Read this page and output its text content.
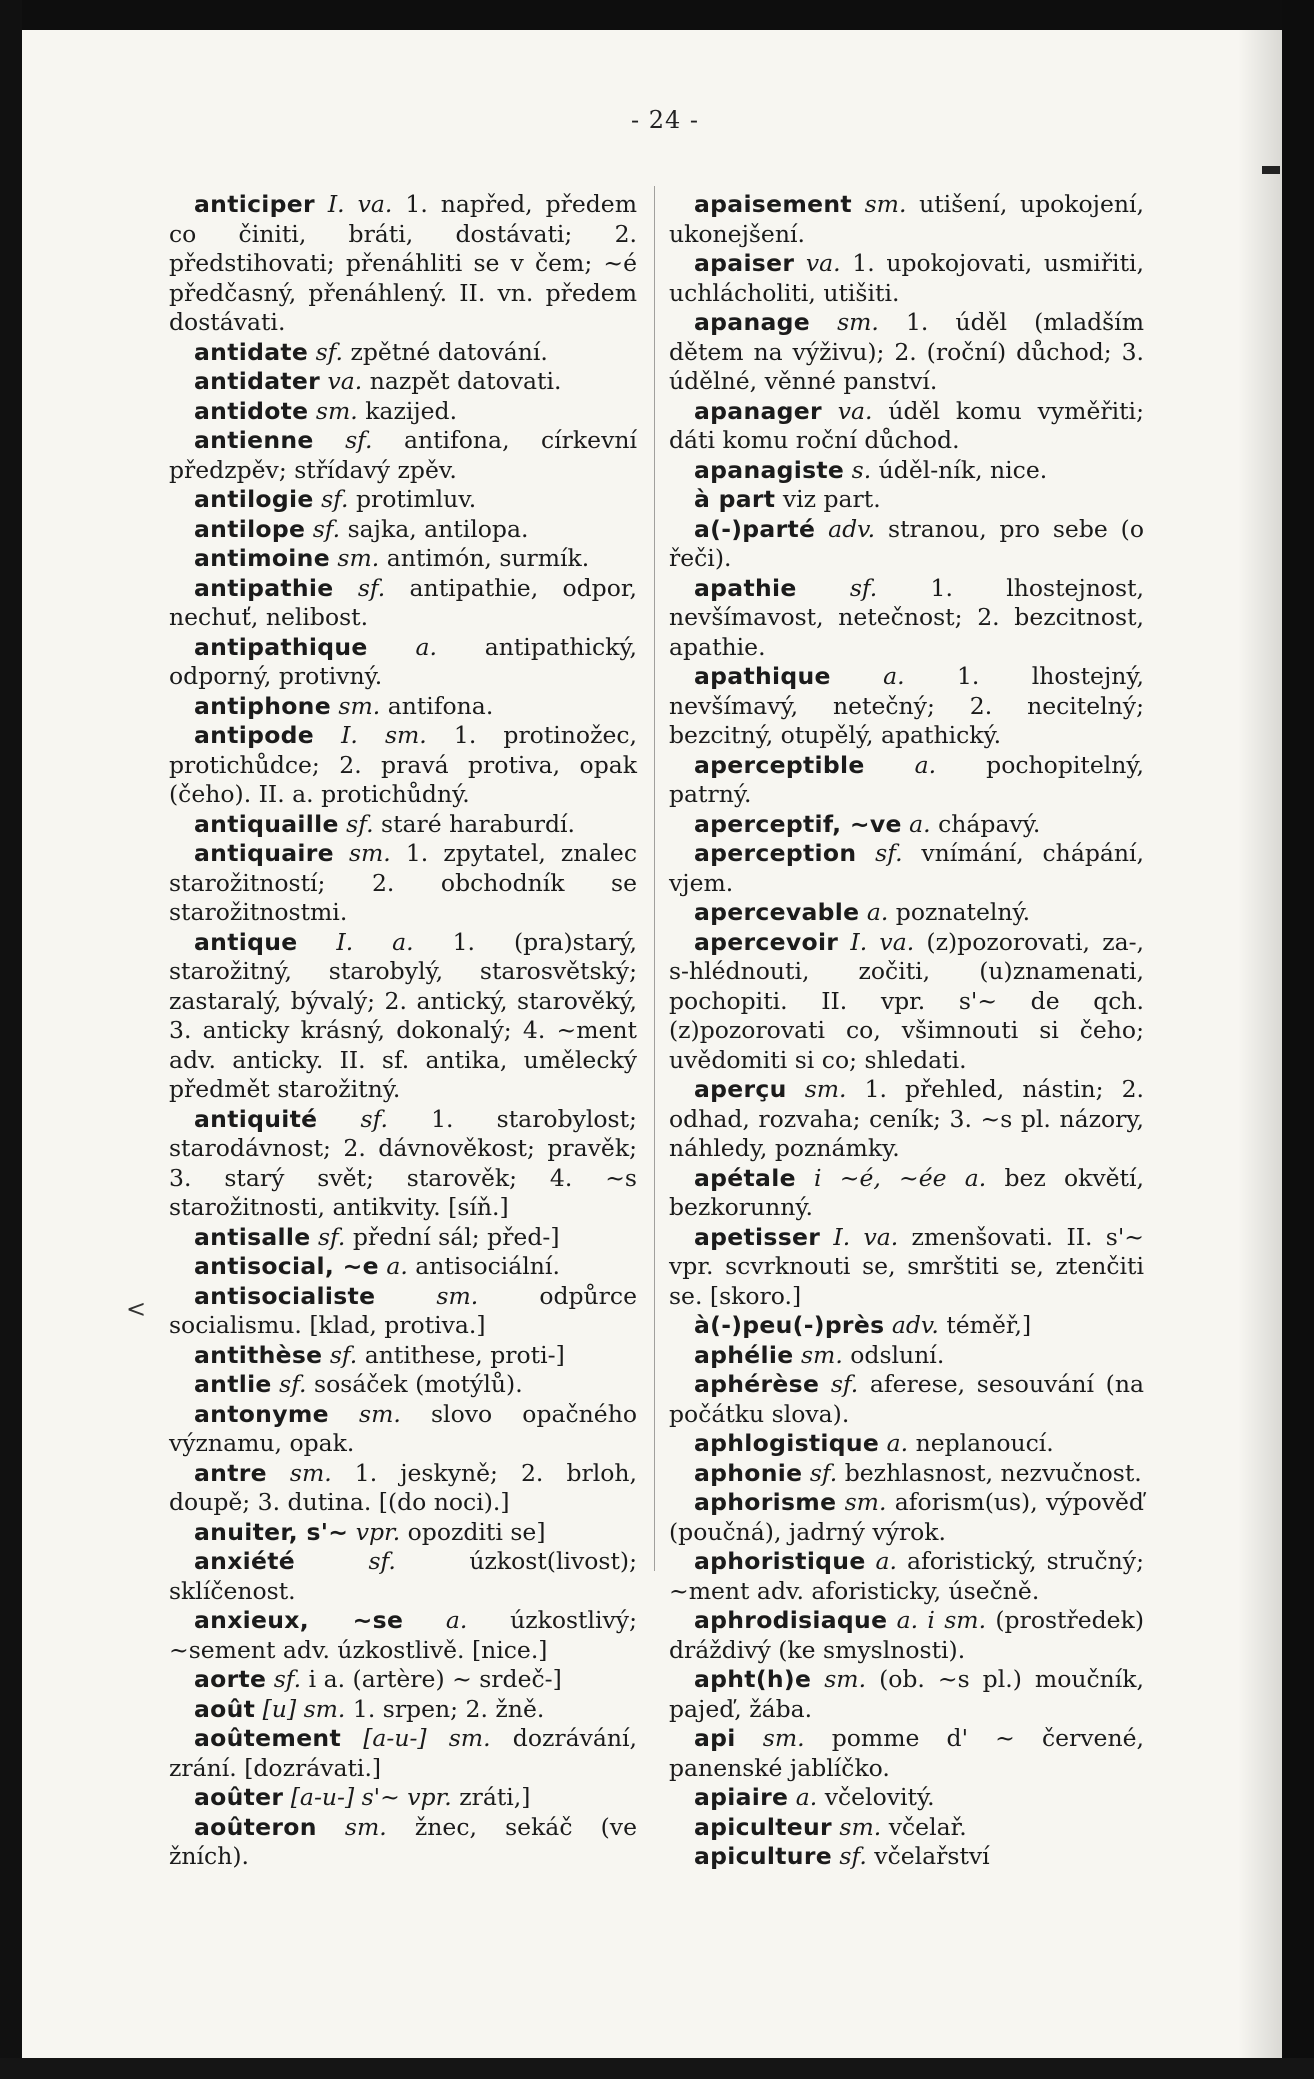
<
- 24 -

anticiper I. va. 1. napřed, předem co činiti, bráti, dostávati; 2. předstihovati; přenáhliti se v čem; ~é předčasný, přenáhlený. II. vn. předem dostávati.

antidate sf. zpětné datování.

antidater va. nazpět datovati.

antidote sm. kazijed.

antienne sf. antifona, církevní předzpěv; střídavý zpěv.

antilogie sf. protimluv.

antilope sf. sajka, antilopa.

antimoine sm. antimón, surmík.

antipathie sf. antipathie, odpor, nechuť, nelibost.

antipathique a. antipathický, odporný, protivný.

antiphone sm. antifona.

antipode I. sm. 1. protinožec, protichůdce; 2. pravá protiva, opak (čeho). II. a. protichůdný.

antiquaille sf. staré haraburdí.

antiquaire sm. 1. zpytatel, znalec starožitností; 2. obchodník se starožitnostmi.

antique I. a. 1. (pra)starý, starožitný, starobylý, starosvětský; zastaralý, bývalý; 2. antický, starověký, 3. anticky krásný, dokonalý; 4. ~ment adv. anticky. II. sf. antika, umělecký předmět starožitný.

antiquité sf. 1. starobylost; starodávnost; 2. dávnověkost; pravěk; 3. starý svět; starověk; 4. ~s starožitnosti, antikvity. [síň.]

antisalle sf. přední sál; před-]

antisocial, ~e a. antisociální.

antisocialiste sm. odpůrce socialismu. [klad, protiva.]

antithèse sf. antithese, proti-]

antlie sf. sosáček (motýlů).

antonyme sm. slovo opačného významu, opak.

antre sm. 1. jeskyně; 2. brloh, doupě; 3. dutina. [(do noci).]

anuiter, s'~ vpr. opozditi se]

anxiété sf. úzkost(livost); sklíčenost.

anxieux, ~se a. úzkostlivý; ~sement adv. úzkostlivě. [nice.]

aorte sf. i a. (artère) ~ srdeč-]

août [u] sm. 1. srpen; 2. žně.

aoûtement [a-u-] sm. dozrávání, zrání. [dozrávati.]

aoûter [a-u-] s'~ vpr. zráti,]

aoûteron sm. žnec, sekáč (ve žních).

apaisement sm. utišení, upokojení, ukonejšení.

apaiser va. 1. upokojovati, usmiřiti, uchlácholiti, utišiti.

apanage sm. 1. úděl (mladším dětem na výživu); 2. (roční) důchod; 3. údělné, věnné panství.

apanager va. úděl komu vyměřiti; dáti komu roční důchod.

apanagiste s. úděl-ník, nice.

à part viz part.

a(-)parté adv. stranou, pro sebe (o řeči).

apathie sf. 1. lhostejnost, nevšímavost, netečnost; 2. bezcitnost, apathie.

apathique a. 1. lhostejný, nevšímavý, netečný; 2. necitelný; bezcitný, otupělý, apathický.

aperceptible a. pochopitelný, patrný.

aperceptif, ~ve a. chápavý.

aperception sf. vnímání, chápání, vjem.

apercevable a. poznatelný.

apercevoir I. va. (z)pozorovati, za-, s-hlédnouti, zočiti, (u)znamenati, pochopiti. II. vpr. s'~ de qch. (z)pozorovati co, všimnouti si čeho; uvědomiti si co; shledati.

aperçu sm. 1. přehled, nástin; 2. odhad, rozvaha; ceník; 3. ~s pl. názory, náhledy, poznámky.

apétale i ~é, ~ée a. bez okvětí, bezkorunný.

apetisser I. va. zmenšovati. II. s'~ vpr. scvrknouti se, smrštiti se, ztenčiti se. [skoro.]

à(-)peu(-)près adv. téměř,]

aphélie sm. odsluní.

aphérèse sf. aferese, sesouvání (na počátku slova).

aphlogistique a. neplanoucí.

aphonie sf. bezhlasnost, nezvučnost.

aphorisme sm. aforism(us), výpověď (poučná), jadrný výrok.

aphoristique a. aforistický, stručný; ~ment adv. aforisticky, úsečně.

aphrodisiaque a. i sm. (prostředek) dráždivý (ke smyslnosti).

apht(h)e sm. (ob. ~s pl.) moučník, pajeď, žába.

api sm. pomme d' ~ červené, panenské jablíčko.

apiaire a. včelovitý.

apiculteur sm. včelař.

apiculture sf. včelařství
